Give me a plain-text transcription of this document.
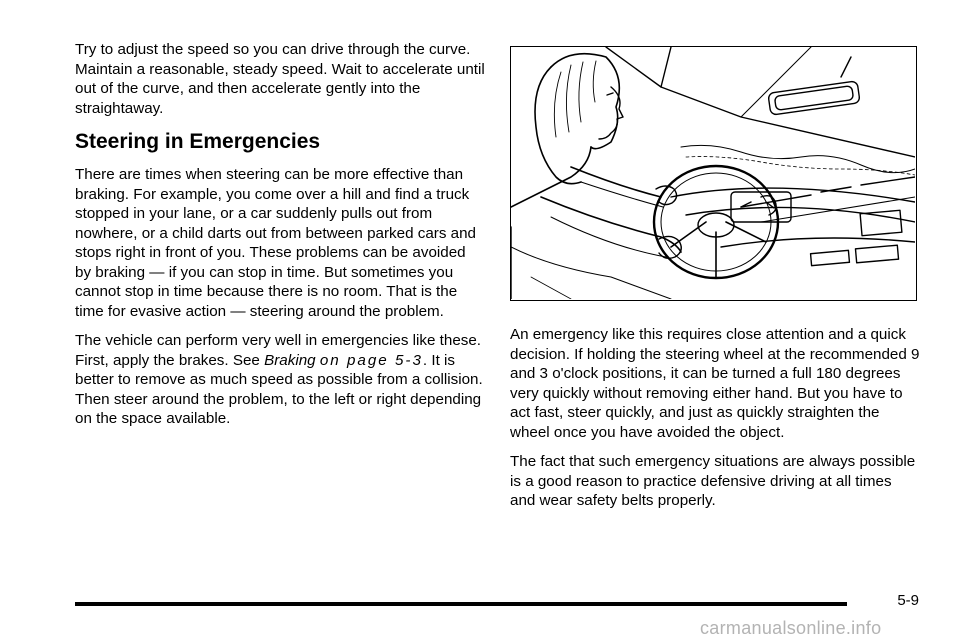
Try to adjust the speed so you can drive through the curve. Maintain a reasonable, steady speed. Wait to accelerate until out of the curve, and then accelerate gently into the straightaway.

Steering in Emergencies

There are times when steering can be more effective than braking. For example, you come over a hill and find a truck stopped in your lane, or a car suddenly pulls out from nowhere, or a child darts out from between parked cars and stops right in front of you. These problems can be avoided by braking — if you can stop in time. But sometimes you cannot stop in time because there is no room. That is the time for evasive action — steering around the problem.

The vehicle can perform very well in emergencies like these. First, apply the brakes. See Braking on page 5‑3. It is better to remove as much speed as possible from a collision. Then steer around the problem, to the left or right depending on the space available.

An emergency like this requires close attention and a quick decision. If holding the steering wheel at the recommended 9 and 3 o'clock positions, it can be turned a full 180 degrees very quickly without removing either hand. But you have to act fast, steer quickly, and just as quickly straighten the wheel once you have avoided the object.

The fact that such emergency situations are always possible is a good reason to practice defensive driving at all times and wear safety belts properly.

5-9
carmanualsonline.info
